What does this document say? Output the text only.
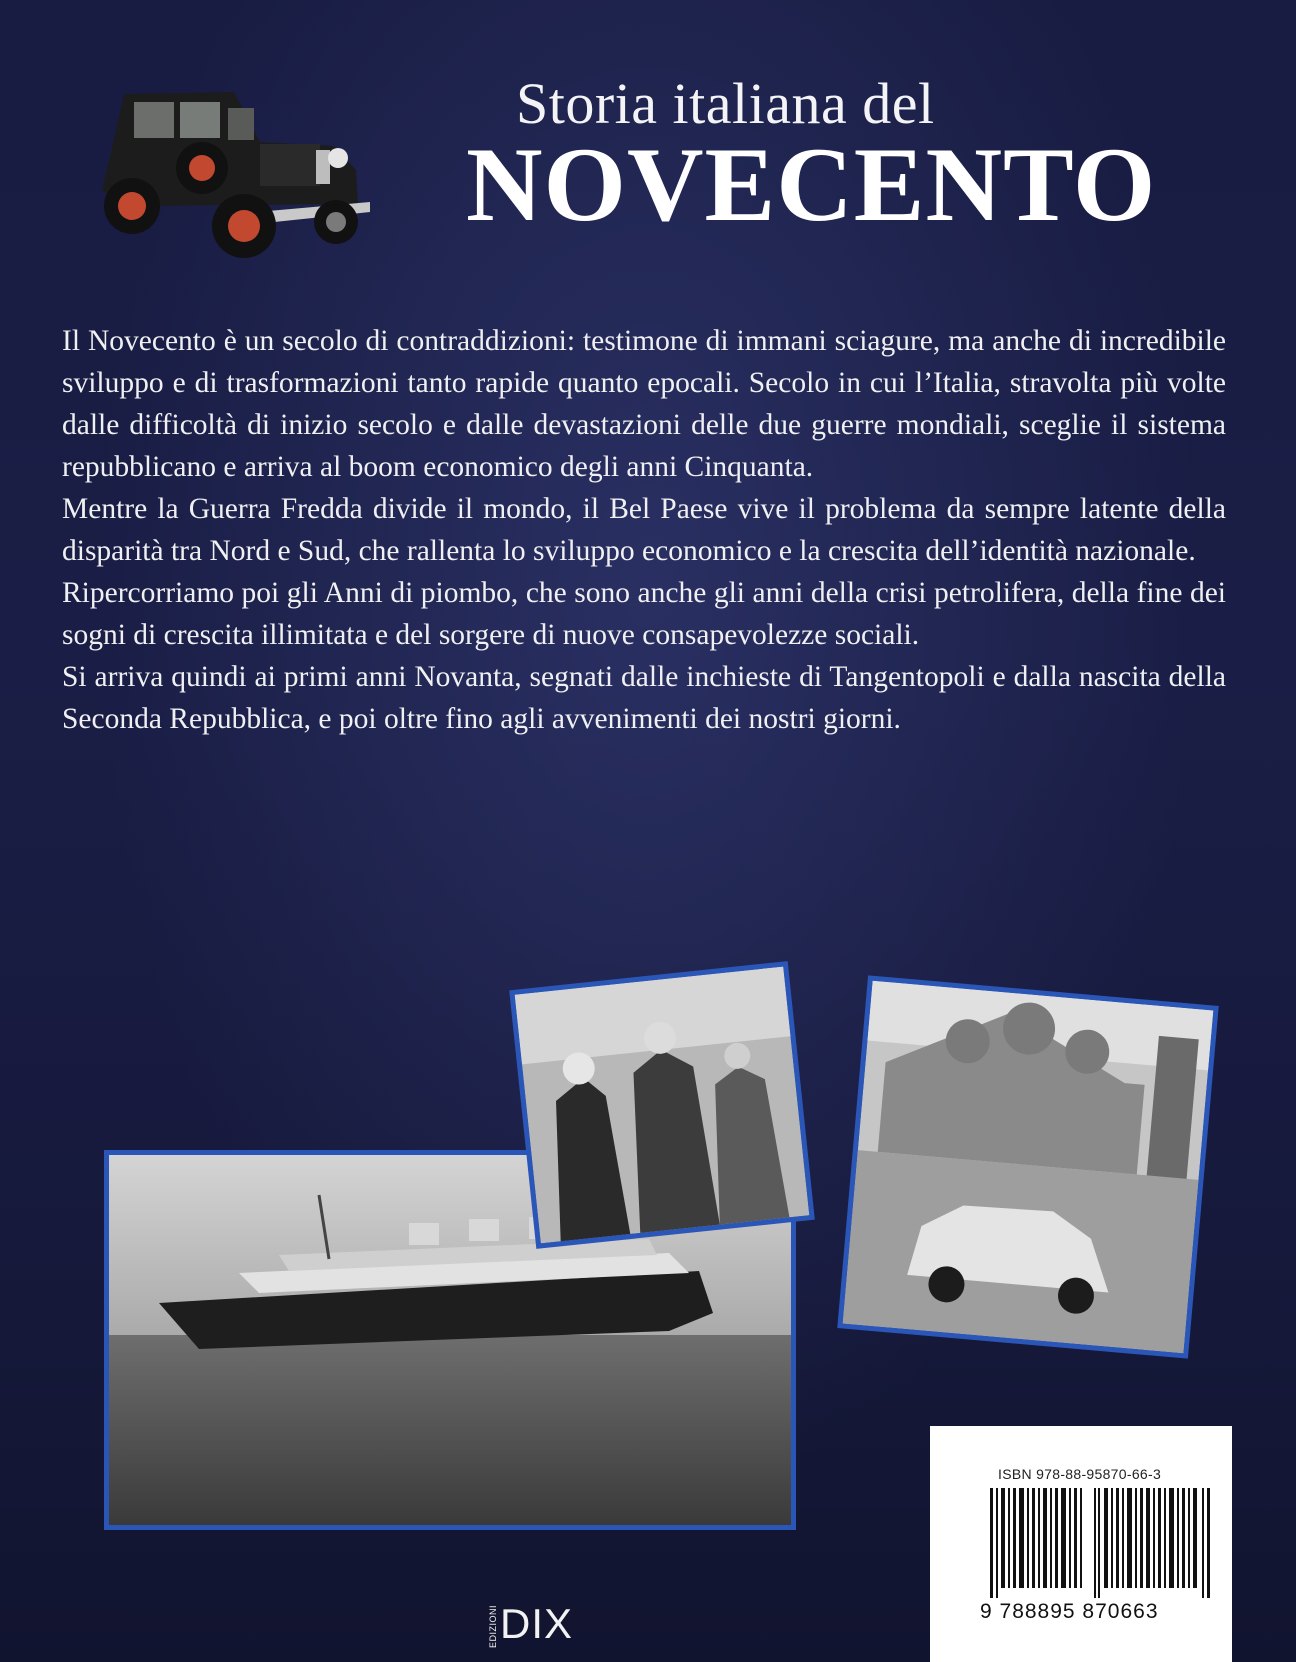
Storia italiana del
NOVECENTO

Il Novecento è un secolo di contraddizioni: testimone di immani sciagure, ma anche di incredibile sviluppo e di trasformazioni tanto rapide quanto epocali. Secolo in cui l’Italia, stravolta più volte dalle difficoltà di inizio secolo e dalle devastazioni delle due guerre mondiali, sceglie il sistema repubblicano e arriva al boom economico degli anni Cinquanta.

Mentre la Guerra Fredda divide il mondo, il Bel Paese vive il problema da sempre latente della disparità tra Nord e Sud, che rallenta lo sviluppo economico e la crescita dell’identità nazionale.

Ripercorriamo poi gli Anni di piombo, che sono anche gli anni della crisi petrolifera, della fine dei sogni di crescita illimitata e del sorgere di nuove consapevolezze sociali.

Si arriva quindi ai primi anni Novanta, segnati dalle inchieste di Tangentopoli e dalla nascita della Seconda Repubblica, e poi oltre fino agli avvenimenti dei nostri giorni.

ISBN 978-88-95870-66-3
9 788895 870663
EDIZIONIDIX
